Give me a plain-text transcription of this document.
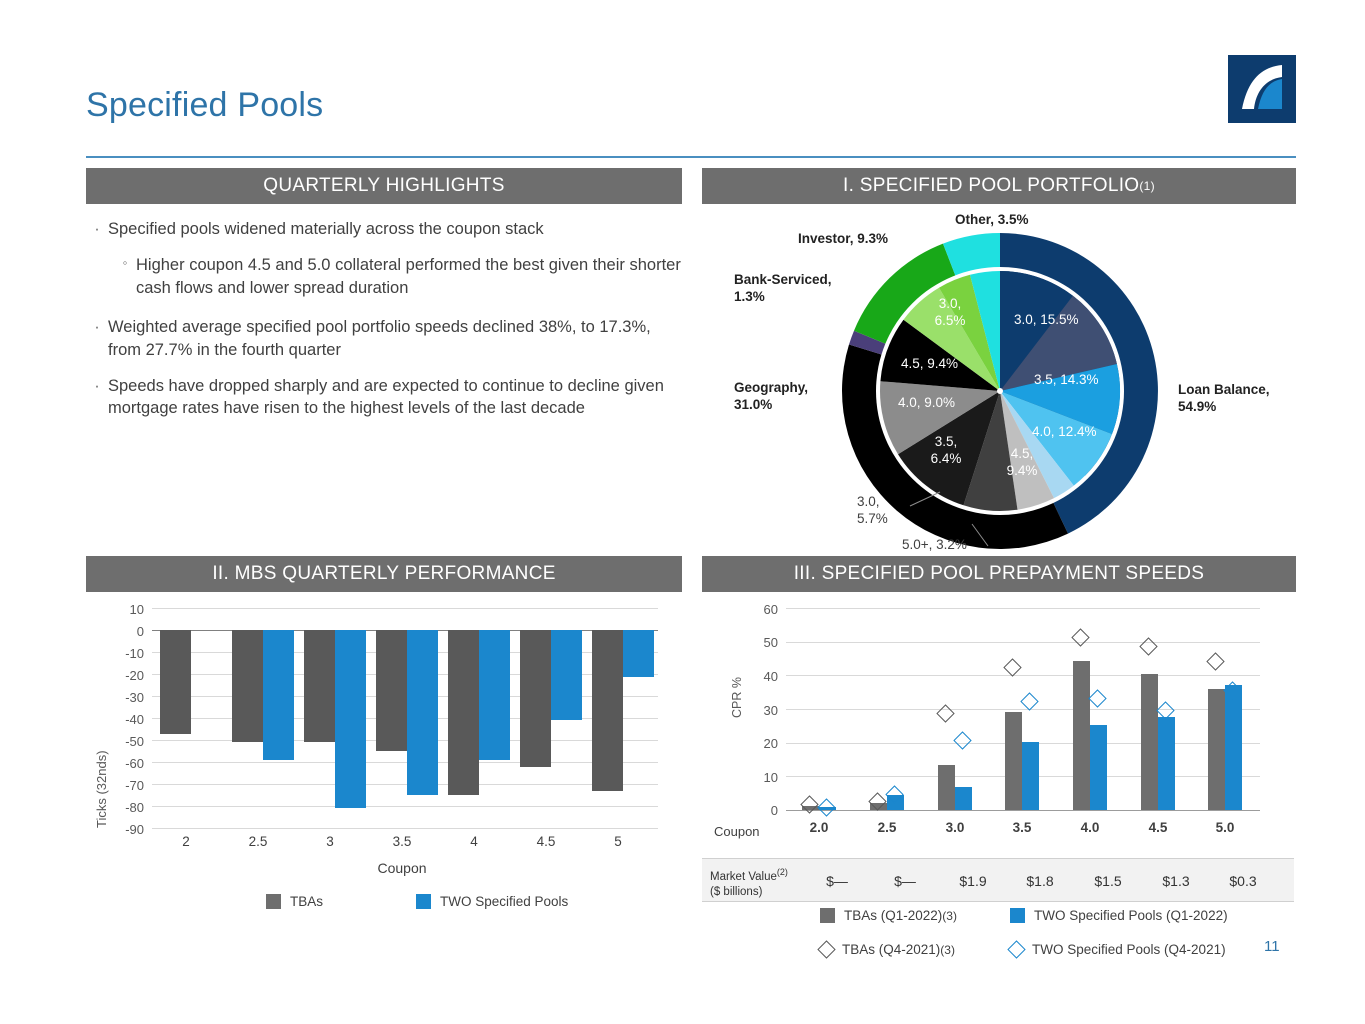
Specified Pools
QUARTERLY HIGHLIGHTS	I. SPECIFIED POOL PORTFOLIO (1)
II. MBS QUARTERLY PERFORMANCE	III. SPECIFIED POOL PREPAYMENT SPEEDS
· Specified pools widened materially across the coupon stack
◦ Higher coupon 4.5 and 5.0 collateral performed the best given their shorter cash flows and lower spread duration
· Weighted average specified pool portfolio speeds declined 38%, to 17.3%, from 27.7% in the fourth quarter
· Speeds have dropped sharply and are expected to continue to decline given mortgage rates have risen to the highest levels of the last decade
3.0, 15.5%
3.5, 14.3%
4.0, 12.4%
4.5,
9.4%
4.5, 9.4%
4.0, 9.0%
3.5,
6.4%
3.0,
6.5%
3.0,
5.7%
5.0+, 3.2%
Other, 3.5%
Investor, 9.3%
Bank-Serviced,
1.3%
Geography,
31.0%
Loan Balance,
54.9%
Ticks (32nds)
10
0
-10
-20
-30
-40
-50
-60
-70
-80
-90
2	2.5	3	3.5	4	4.5	5
Coupon
TBAs	TWO Specified Pools
CPR %
60
50
40
30
20
10
0
2.0	2.5	3.0	3.5	4.0	4.5	5.0
Coupon
Market Value$^{(2)}$
($ billions)
$—	$—	$1.9	$1.8	$1.5	$1.3	$0.3
TBAs (Q1-2022) (3)	TWO Specified Pools (Q1-2022)
TBAs (Q4-2021) (3)	TWO Specified Pools (Q4-2021)	11
